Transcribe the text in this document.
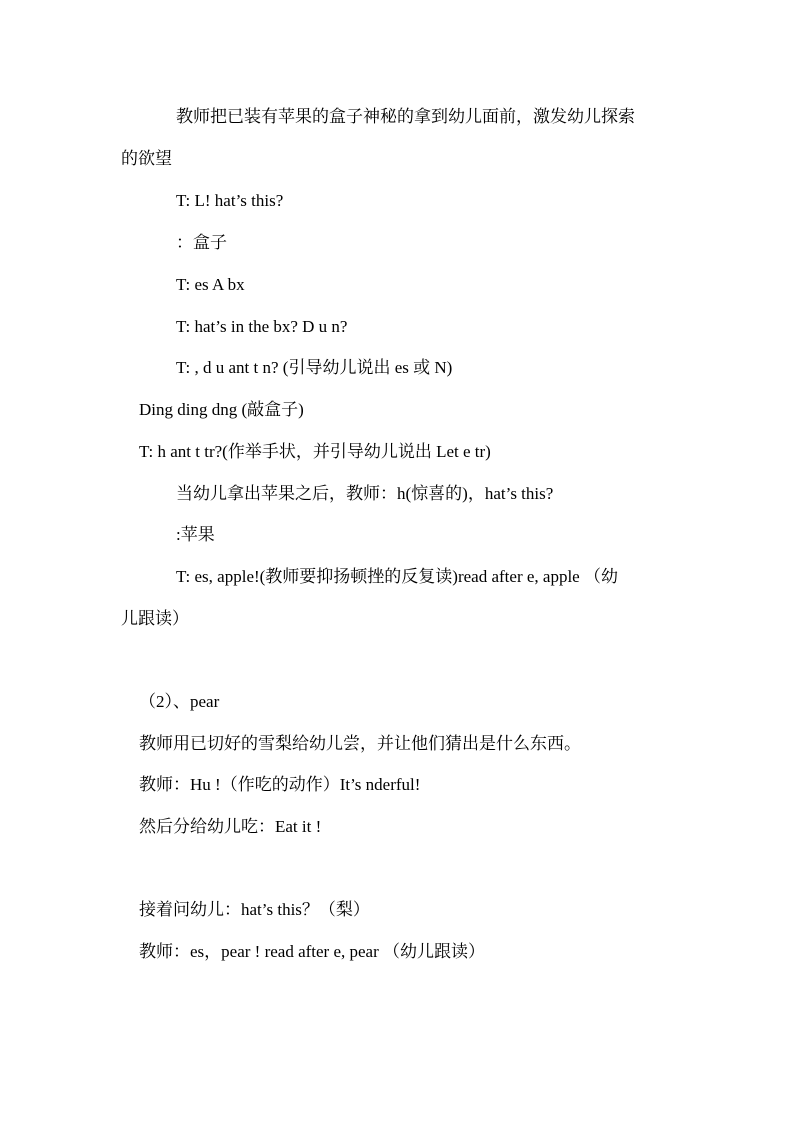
教师把已装有苹果的盒子神秘的拿到幼儿面前，激发幼儿探索

的欲望

T: L! hat’s this?

：盒子

T: es A bx

T: hat’s in the bx? D u n?

T: , d u ant t n? (引导幼儿说出 es 或 N)

Ding ding dng (敲盒子)

T: h ant t tr?(作举手状，并引导幼儿说出 Let e tr)

当幼儿拿出苹果之后，教师：h(惊喜的)，hat’s this?

:苹果

T: es, apple!(教师要抑扬顿挫的反复读)read after e, apple （幼

儿跟读）

（2）、pear

教师用已切好的雪梨给幼儿尝，并让他们猜出是什么东西。

教师：Hu !（作吃的动作）It’s nderful!

然后分给幼儿吃：Eat it !

接着问幼儿：hat’s this？（梨）

教师：es，pear ! read after e, pear （幼儿跟读）
